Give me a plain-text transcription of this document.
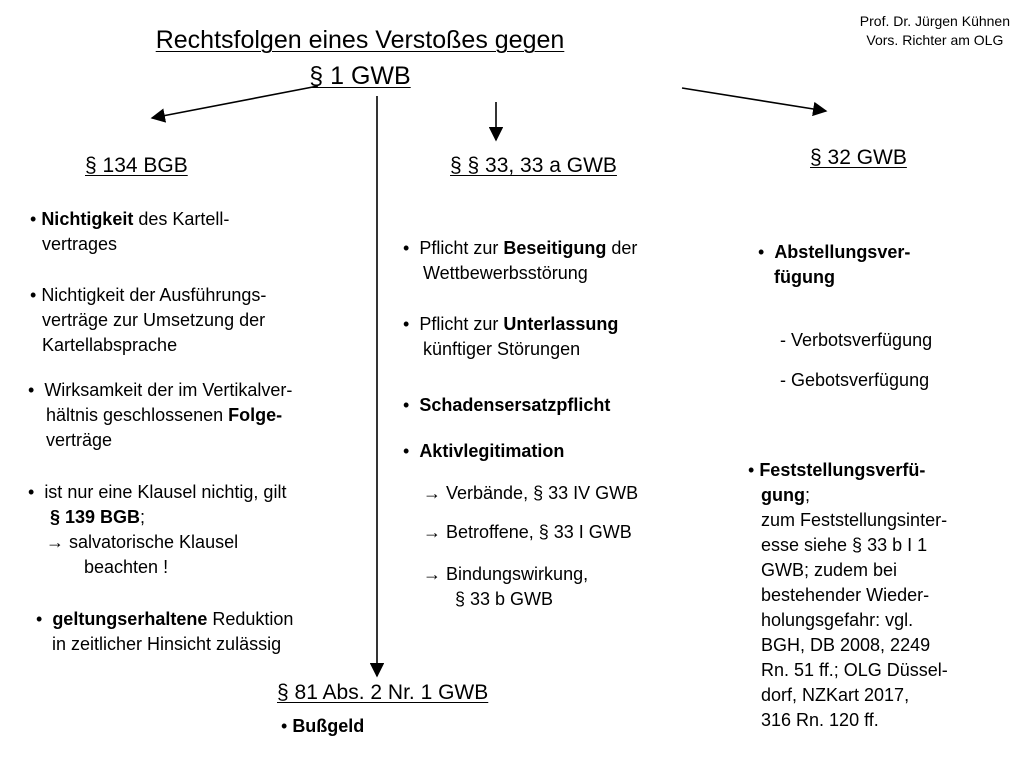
Prof. Dr. Jürgen Kühnen
Vors. Richter am OLG
Rechtsfolgen eines Verstoßes gegen
§ 1 GWB
§ 134 BGB
• Nichtigkeit des Kartell-
vertrages
• Nichtigkeit der Ausführungs-
verträge zur Umsetzung der
Kartellabsprache
•  Wirksamkeit der im Vertikalver-
hältnis geschlossenen Folge-
verträge
•  ist nur eine Klausel nichtig, gilt
§ 139 BGB;
→ salvatorische Klausel
beachten !
•  geltungserhaltene Reduktion
in zeitlicher Hinsicht zulässig
§ § 33, 33 a GWB
•  Pflicht zur Beseitigung der
Wettbewerbsstörung
•  Pflicht zur Unterlassung
künftiger Störungen
•  Schadensersatzpflicht
•  Aktivlegitimation
→ Verbände, § 33 IV GWB
→ Betroffene, § 33 I GWB
→ Bindungswirkung,
§ 33 b GWB
§ 32 GWB
•  Abstellungsver-
fügung
- Verbotsverfügung
- Gebotsverfügung
• Feststellungsverfü-
gung;
zum Feststellungsinter-
esse siehe § 33 b I 1
GWB; zudem bei
bestehender Wieder-
holungsgefahr: vgl.
BGH, DB 2008, 2249
Rn. 51 ff.; OLG Düssel-
dorf, NZKart 2017,
316 Rn. 120 ff.
§ 81 Abs. 2 Nr. 1 GWB
• Bußgeld
